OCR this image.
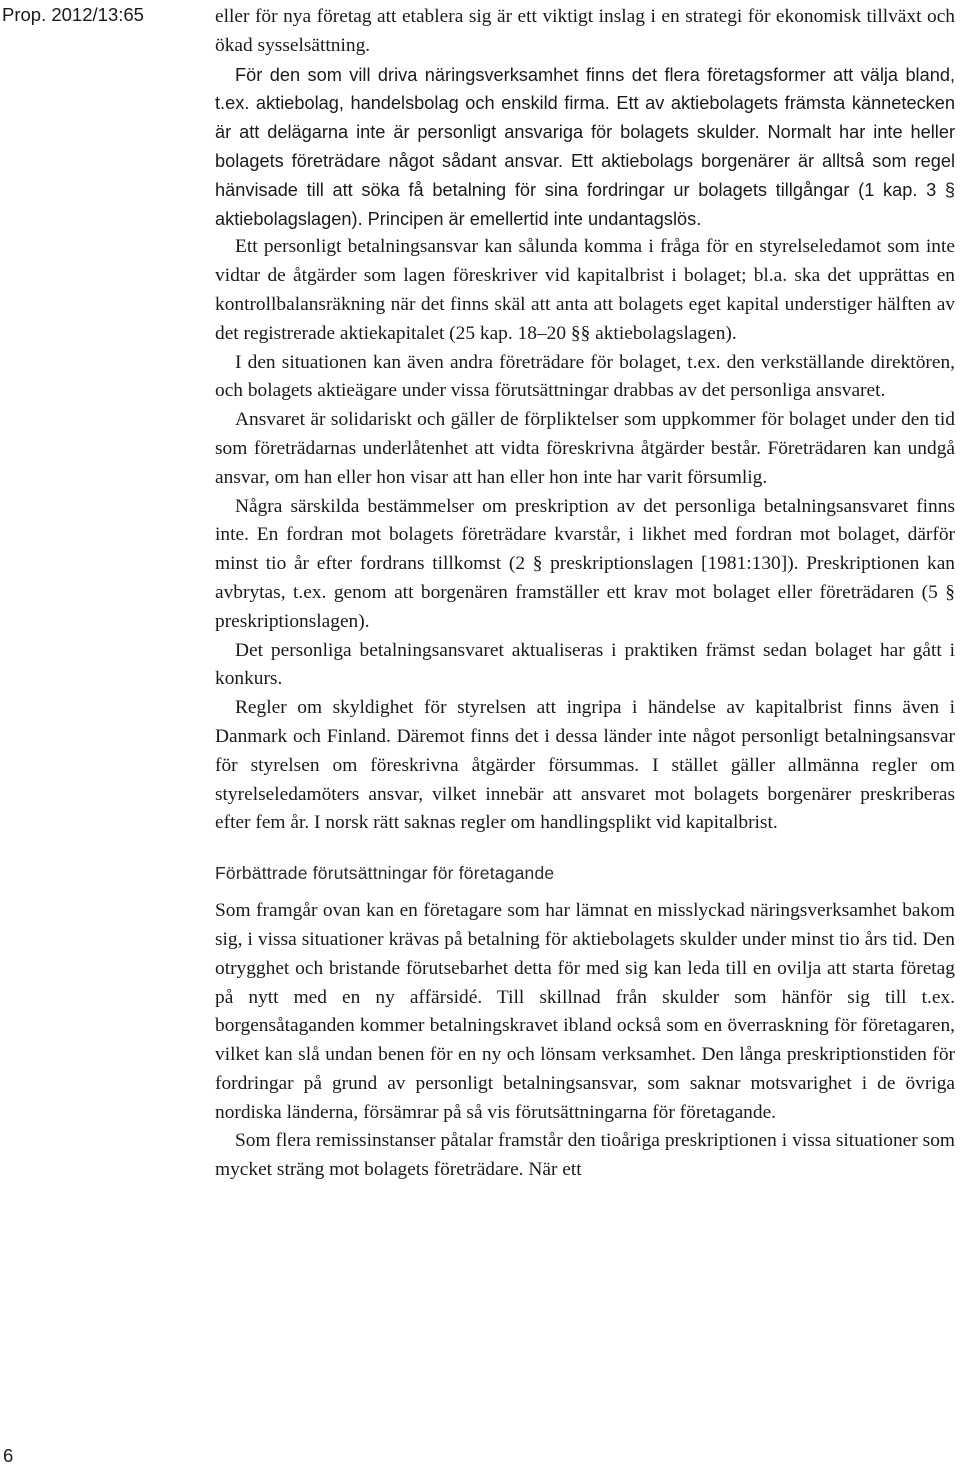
Prop. 2012/13:65	eller för nya företag att etablera sig är ett viktigt inslag i en strategi för ekonomisk tillväxt och ökad sysselsättning.

För den som vill driva näringsverksamhet finns det flera företagsformer att välja bland, t.ex. aktiebolag, handelsbolag och enskild firma. Ett av aktiebolagets främsta kännetecken är att delägarna inte är personligt ansvariga för bolagets skulder. Normalt har inte heller bolagets företrädare något sådant ansvar. Ett aktiebolags borgenärer är alltså som regel hänvisade till att söka få betalning för sina fordringar ur bolagets tillgångar (1 kap. 3 § aktiebolagslagen). Principen är emellertid inte undantagslös.

Ett personligt betalningsansvar kan sålunda komma i fråga för en styrelseledamot som inte vidtar de åtgärder som lagen föreskriver vid kapitalbrist i bolaget; bl.a. ska det upprättas en kontrollbalansräkning när det finns skäl att anta att bolagets eget kapital understiger hälften av det registrerade aktiekapitalet (25 kap. 18–20 §§ aktiebolagslagen).

I den situationen kan även andra företrädare för bolaget, t.ex. den verkställande direktören, och bolagets aktieägare under vissa förutsättningar drabbas av det personliga ansvaret.

Ansvaret är solidariskt och gäller de förpliktelser som uppkommer för bolaget under den tid som företrädarnas underlåtenhet att vidta föreskrivna åtgärder består. Företrädaren kan undgå ansvar, om han eller hon visar att han eller hon inte har varit försumlig.

Några särskilda bestämmelser om preskription av det personliga betalningsansvaret finns inte. En fordran mot bolagets företrädare kvarstår, i likhet med fordran mot bolaget, därför minst tio år efter fordrans tillkomst (2 § preskriptionslagen [1981:130]). Preskriptionen kan avbrytas, t.ex. genom att borgenären framställer ett krav mot bolaget eller företrädaren (5 § preskriptionslagen).

Det personliga betalningsansvaret aktualiseras i praktiken främst sedan bolaget har gått i konkurs.

Regler om skyldighet för styrelsen att ingripa i händelse av kapitalbrist finns även i Danmark och Finland. Däremot finns det i dessa länder inte något personligt betalningsansvar för styrelsen om föreskrivna åtgärder försummas. I stället gäller allmänna regler om styrelseledamöters ansvar, vilket innebär att ansvaret mot bolagets borgenärer preskriberas efter fem år. I norsk rätt saknas regler om handlingsplikt vid kapitalbrist.

Förbättrade förutsättningar för företagande

Som framgår ovan kan en företagare som har lämnat en misslyckad näringsverksamhet bakom sig, i vissa situationer krävas på betalning för aktiebolagets skulder under minst tio års tid. Den otrygghet och bristande förutsebarhet detta för med sig kan leda till en ovilja att starta företag på nytt med en ny affärsidé. Till skillnad från skulder som hänför sig till t.ex. borgensåtaganden kommer betalningskravet ibland också som en överraskning för företagaren, vilket kan slå undan benen för en ny och lönsam verksamhet. Den långa preskriptionstiden för fordringar på grund av personligt betalningsansvar, som saknar motsvarighet i de övriga nordiska länderna, försämrar på så vis förutsättningarna för företagande.

Som flera remissinstanser påtalar framstår den tioåriga preskriptionen i vissa situationer som mycket sträng mot bolagets företrädare. När ett

6
